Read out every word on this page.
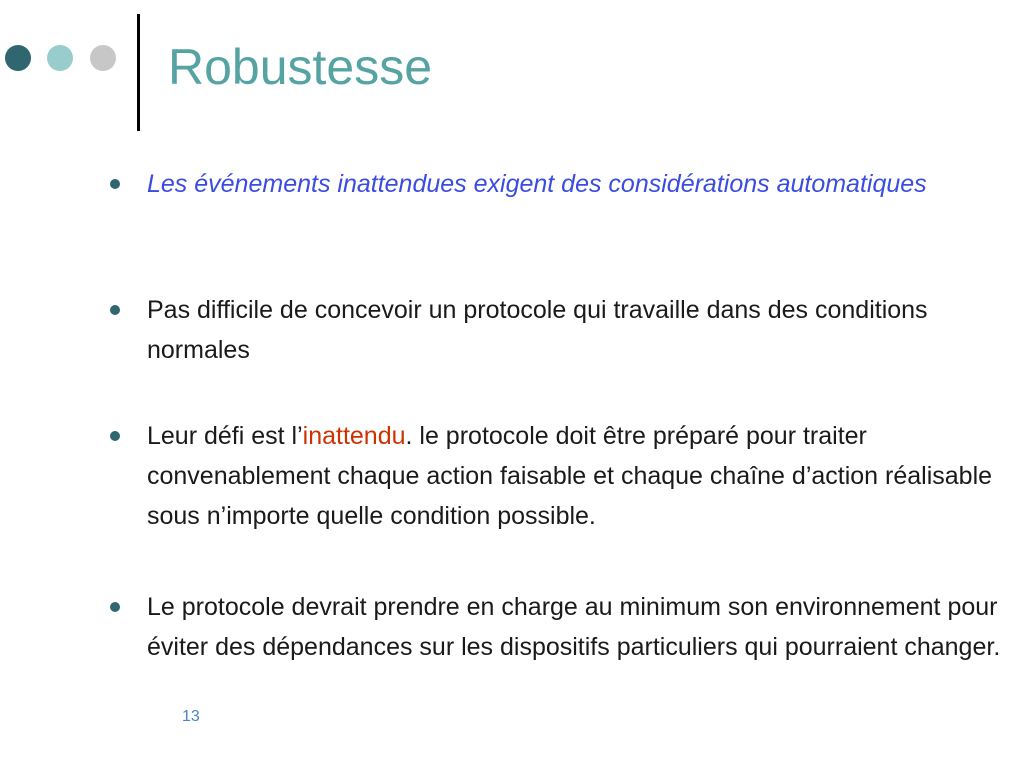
Robustesse
Les événements inattendues exigent des considérations automatiques
Pas difficile de concevoir un protocole qui travaille dans des conditions normales
Leur défi est l’inattendu. le protocole doit être préparé pour traiter convenablement chaque action faisable et chaque chaîne d’action réalisable sous n’importe quelle condition possible.
Le protocole devrait prendre en charge au minimum son environnement pour éviter des dépendances sur les dispositifs particuliers qui pourraient changer.
13
